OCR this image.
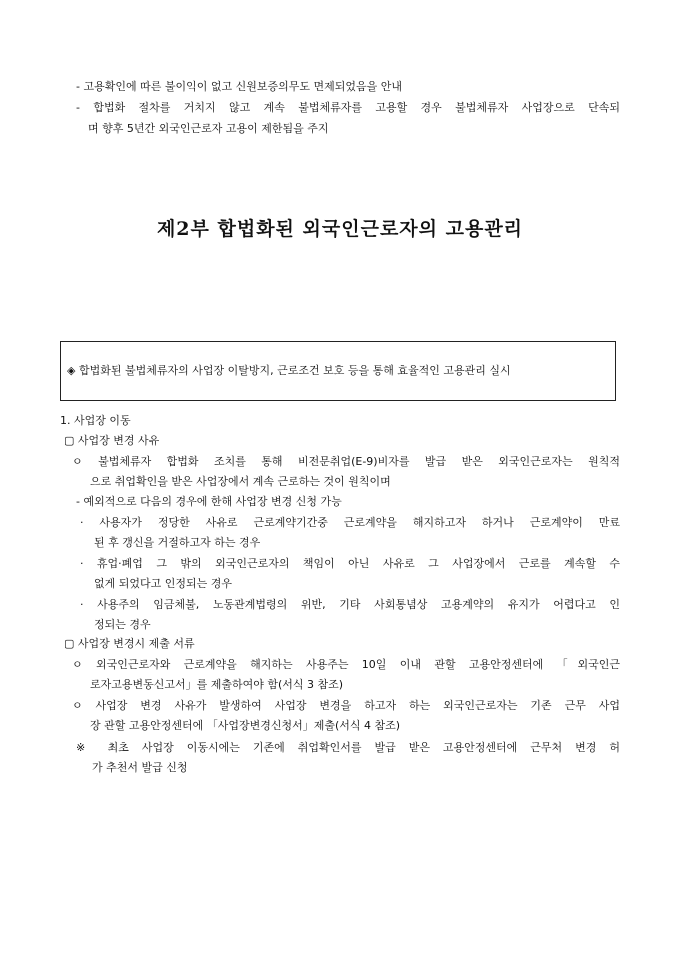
- 고용확인에 따른 불이익이 없고 신원보증의무도 면제되었음을 안내
- 합법화 절차를 거치지 않고 계속 불법체류자를 고용할 경우 불법체류자 사업장으로 단속되
며 향후 5년간 외국인근로자 고용이 제한됨을 주지
제2부 합법화된 외국인근로자의 고용관리
◈ 합법화된 불법체류자의 사업장 이탈방지, 근로조건 보호 등을 통해 효율적인 고용관리 실시
1. 사업장 이동
▢ 사업장 변경 사유
ㅇ 불법체류자 합법화 조치를 통해 비전문취업(E-9)비자를 발급 받은 외국인근로자는 원칙적
으로 취업확인을 받은 사업장에서 계속 근로하는 것이 원칙이며
- 예외적으로 다음의 경우에 한해 사업장 변경 신청 가능
· 사용자가 정당한 사유로 근로계약기간중 근로계약을 해지하고자 하거나 근로계약이 만료
된 후 갱신을 거절하고자 하는 경우
· 휴업·폐업 그 밖의 외국인근로자의 책임이 아닌 사유로 그 사업장에서 근로를 계속할 수
없게 되었다고 인정되는 경우
· 사용주의 임금체불, 노동관계법령의 위반, 기타 사회통념상 고용계약의 유지가 어렵다고 인
정되는 경우
▢ 사업장 변경시 제출 서류
ㅇ 외국인근로자와 근로계약을 해지하는 사용주는 10일 이내 관할 고용안정센터에 「외국인근
로자고용변동신고서」를 제출하여야 함(서식 3 참조)
ㅇ 사업장 변경 사유가 발생하여 사업장 변경을 하고자 하는 외국인근로자는 기존 근무 사업
장 관할 고용안정센터에 「사업장변경신청서」제출(서식 4 참조)
※ 최초 사업장 이동시에는 기존에 취업확인서를 발급 받은 고용안정센터에 근무처 변경 허
가 추천서 발급 신청
